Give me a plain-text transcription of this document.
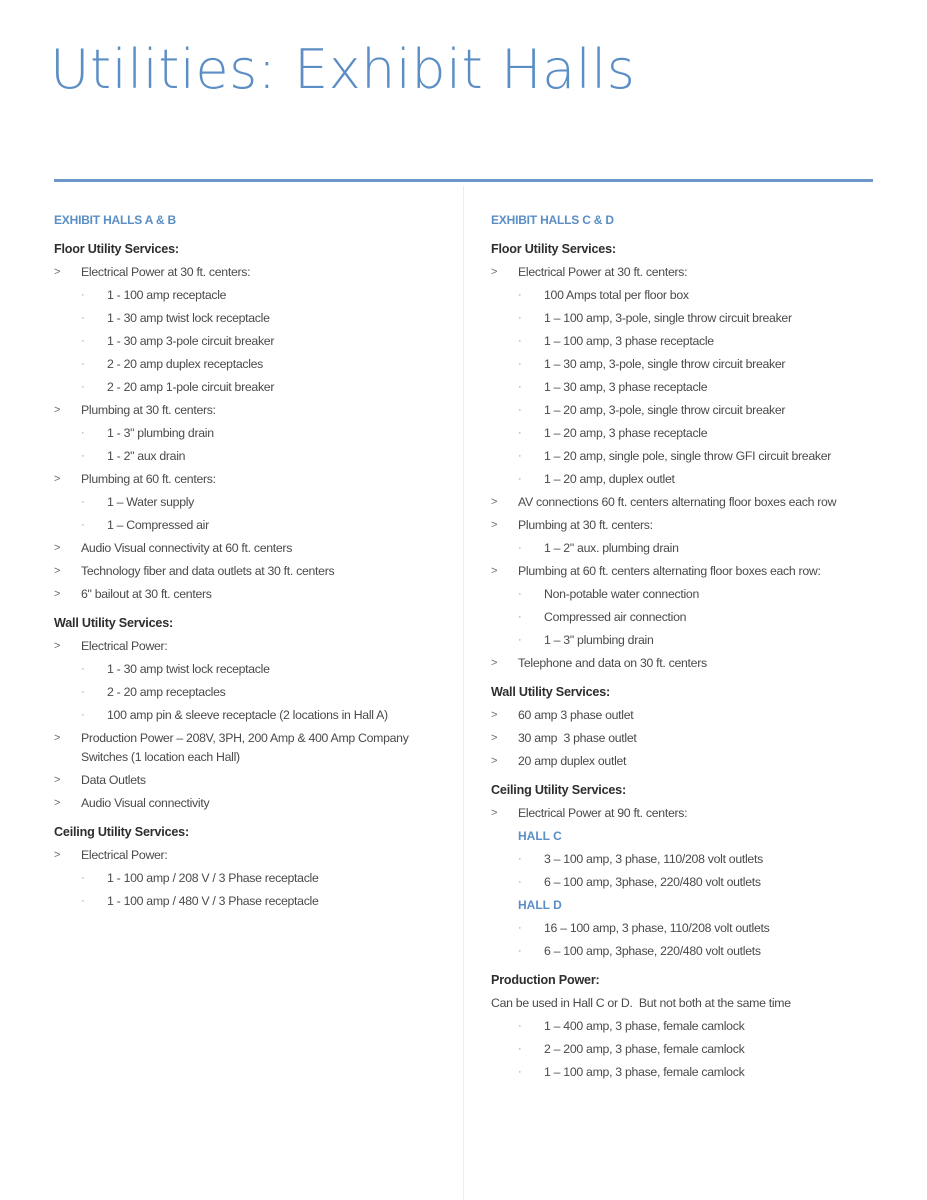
Utilities: Exhibit Halls
EXHIBIT HALLS A & B
Floor Utility Services:
> Electrical Power at 30 ft. centers:
· 1 - 100 amp receptacle
· 1 - 30 amp twist lock receptacle
· 1 - 30 amp 3-pole circuit breaker
· 2 - 20 amp duplex receptacles
· 2 - 20 amp 1-pole circuit breaker
> Plumbing at 30 ft. centers:
· 1 - 3" plumbing drain
· 1 - 2" aux drain
> Plumbing at 60 ft. centers:
· 1 – Water supply
· 1 – Compressed air
> Audio Visual connectivity at 60 ft. centers
> Technology fiber and data outlets at 30 ft. centers
> 6" bailout at 30 ft. centers
Wall Utility Services:
> Electrical Power:
· 1 - 30 amp twist lock receptacle
· 2 - 20 amp receptacles
· 100 amp pin & sleeve receptacle (2 locations in Hall A)
> Production Power – 208V, 3PH, 200 Amp & 400 Amp Company Switches (1 location each Hall)
> Data Outlets
> Audio Visual connectivity
Ceiling Utility Services:
> Electrical Power:
· 1 - 100 amp / 208 V / 3 Phase receptacle
· 1 - 100 amp / 480 V / 3 Phase receptacle
EXHIBIT HALLS C & D
Floor Utility Services:
> Electrical Power at 30 ft. centers:
· 100 Amps total per floor box
· 1 – 100 amp, 3-pole, single throw circuit breaker
· 1 – 100 amp, 3 phase receptacle
· 1 – 30 amp, 3-pole, single throw circuit breaker
· 1 – 30 amp, 3 phase receptacle
· 1 – 20 amp, 3-pole, single throw circuit breaker
· 1 – 20 amp, 3 phase receptacle
· 1 – 20 amp, single pole, single throw GFI circuit breaker
· 1 – 20 amp, duplex outlet
> AV connections 60 ft. centers alternating floor boxes each row
> Plumbing at 30 ft. centers:
· 1 – 2" aux. plumbing drain
> Plumbing at 60 ft. centers alternating floor boxes each row:
· Non-potable water connection
· Compressed air connection
· 1 – 3" plumbing drain
> Telephone and data on 30 ft. centers
Wall Utility Services:
> 60 amp 3 phase outlet
> 30 amp  3 phase outlet
> 20 amp duplex outlet
Ceiling Utility Services:
> Electrical Power at 90 ft. centers:
HALL C
· 3 – 100 amp, 3 phase, 110/208 volt outlets
· 6 – 100 amp, 3phase, 220/480 volt outlets
HALL D
· 16 – 100 amp, 3 phase, 110/208 volt outlets
· 6 – 100 amp, 3phase, 220/480 volt outlets
Production Power:

Can be used in Hall C or D.  But not both at the same time

· 1 – 400 amp, 3 phase, female camlock
· 2 – 200 amp, 3 phase, female camlock
· 1 – 100 amp, 3 phase, female camlock
